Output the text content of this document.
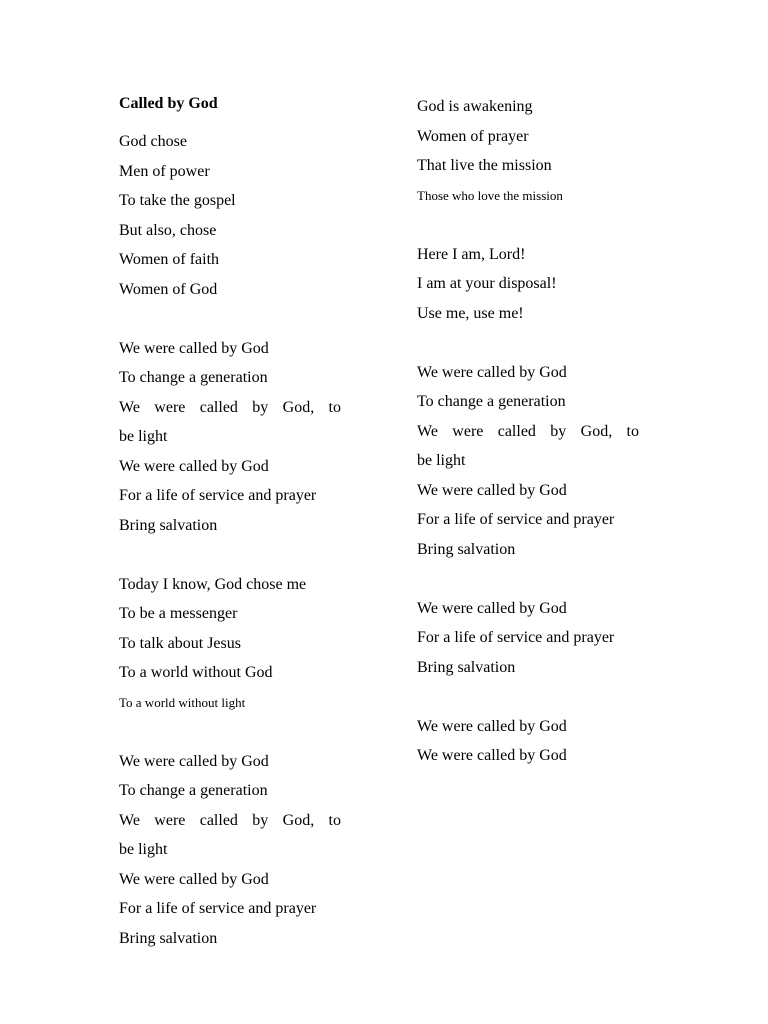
Called by God
God chose
Men of power
To take the gospel
But also, chose
Women of faith
Women of God
We were called by God
To change a generation
We were called by God, to
be light
We were called by God
For a life of service and prayer
Bring salvation
Today I know, God chose me
To be a messenger
To talk about Jesus
To a world without God
To a world without light
We were called by God
To change a generation
We were called by God, to
be light
We were called by God
For a life of service and prayer
Bring salvation
God is awakening
Women of prayer
That live the mission
Those who love the mission
Here I am, Lord!
I am at your disposal!
Use me, use me!
We were called by God
To change a generation
We were called by God, to
be light
We were called by God
For a life of service and prayer
Bring salvation
We were called by God
For a life of service and prayer
Bring salvation
We were called by God
We were called by God
